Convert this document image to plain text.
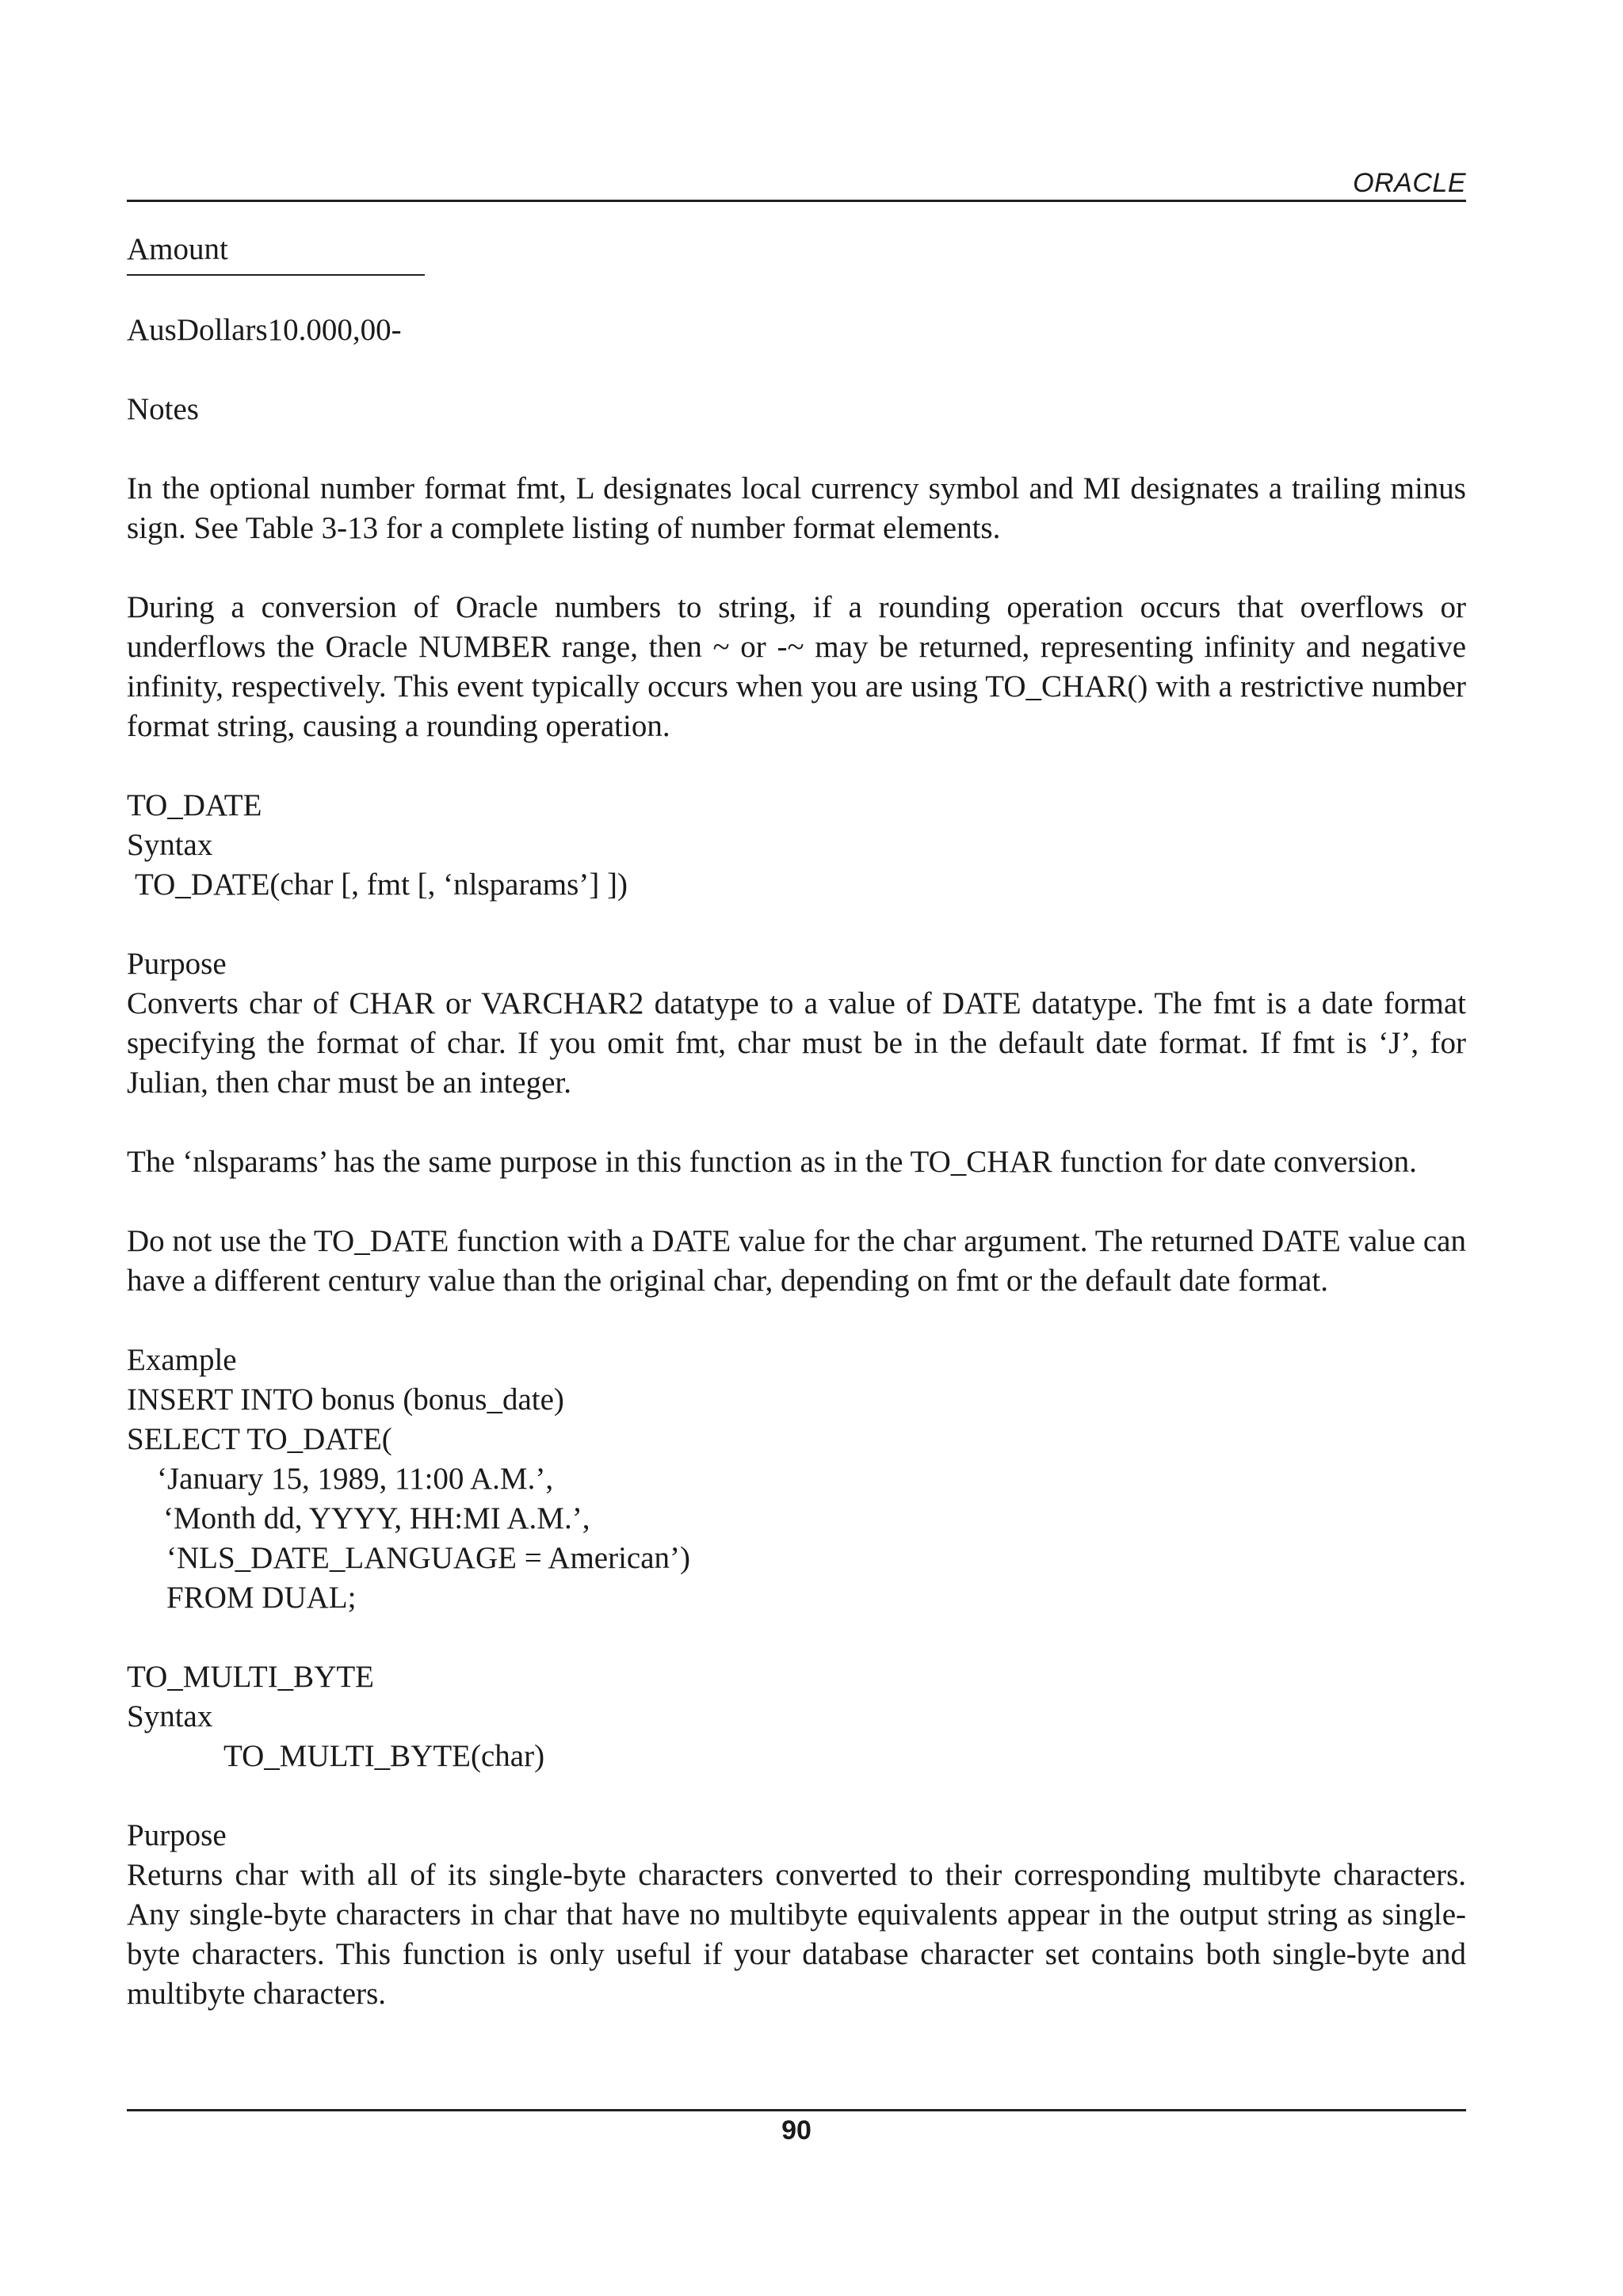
ORACLE
Amount
AusDollars10.000,00-
Notes

In the optional number format fmt, L designates local currency symbol and MI designates a trailing minus sign. See Table 3-13 for a complete listing of number format elements.

During a conversion of Oracle numbers to string, if a rounding operation occurs that overflows or underflows the Oracle NUMBER range, then ~ or -~ may be returned, representing infinity and negative infinity, respectively. This event typically occurs when you are using TO_CHAR() with a restrictive number format string, causing a rounding operation.

TO_DATE
Syntax
TO_DATE(char [, fmt [, ‘nlsparams’] ])
Purpose

Converts char of CHAR or VARCHAR2 datatype to a value of DATE datatype. The fmt is a date format specifying the format of char. If you omit fmt, char must be in the default date format. If fmt is ‘J’, for Julian, then char must be an integer.

The ‘nlsparams’ has the same purpose in this function as in the TO_CHAR function for date conversion.

Do not use the TO_DATE function with a DATE value for the char argument. The returned DATE value can have a different century value than the original char, depending on fmt or the default date format.

Example
INSERT INTO bonus (bonus_date)
SELECT TO_DATE(
‘January 15, 1989, 11:00 A.M.’,
‘Month dd, YYYY, HH:MI A.M.’,
‘NLS_DATE_LANGUAGE = American’)
FROM DUAL;
TO_MULTI_BYTE
Syntax
TO_MULTI_BYTE(char)
Purpose

Returns char with all of its single-byte characters converted to their corresponding multibyte characters. Any single-byte characters in char that have no multibyte equivalents appear in the output string as single-byte characters. This function is only useful if your database character set contains both single-byte and multibyte characters.

90
